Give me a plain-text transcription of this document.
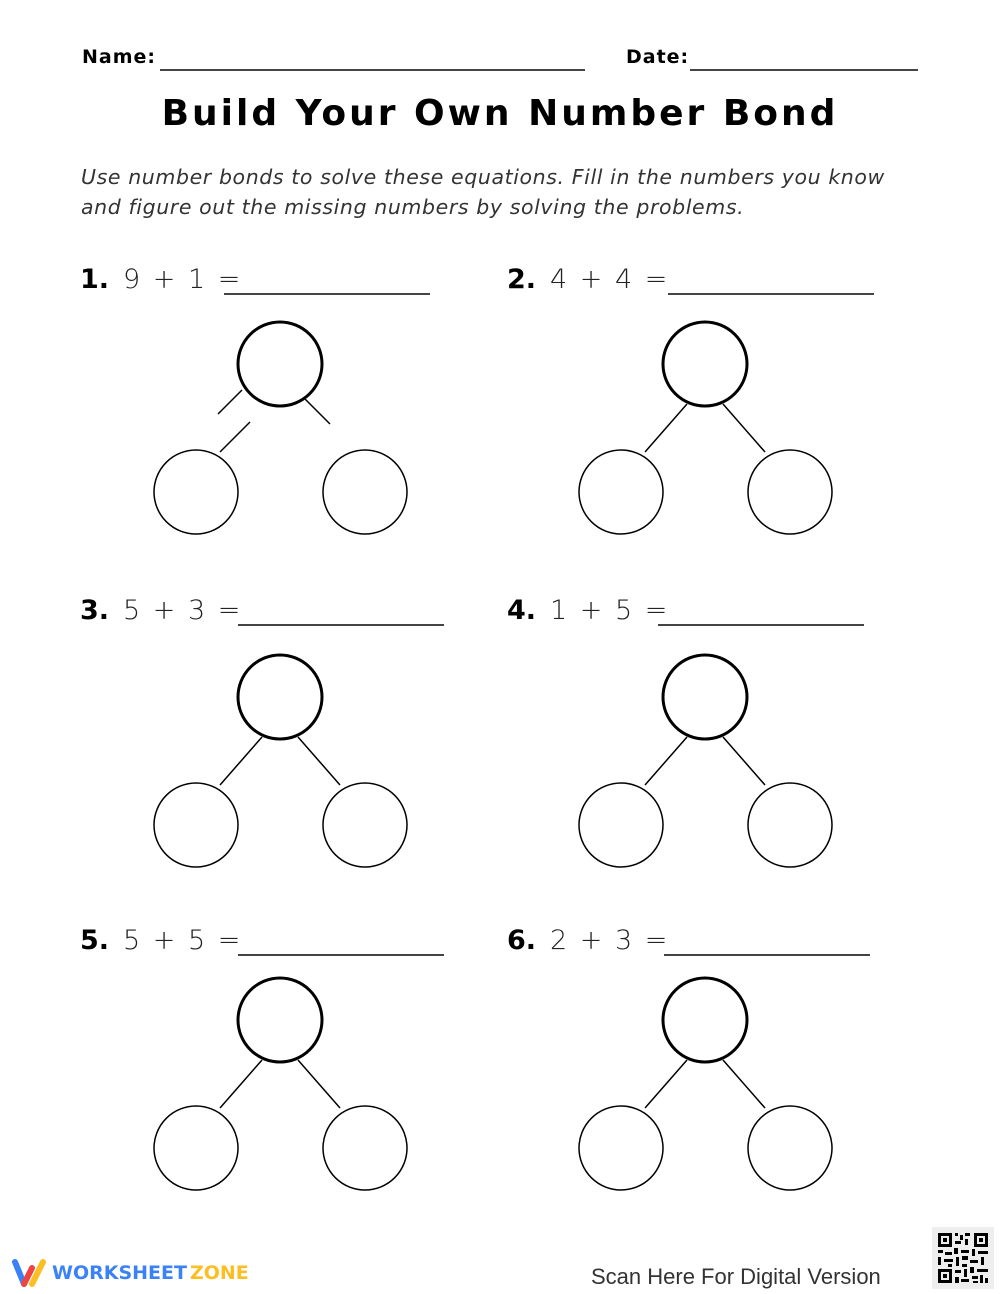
Name:	Date:
Build Your Own Number Bond
Use number bonds to solve these equations. Fill in the numbers you know
and figure out the missing numbers by solving the problems.
1. 9 + 1 =	2. 4 + 4 =
3. 5 + 3 =	4. 1 + 5 =
5. 5 + 5 =	6. 2 + 3 =
WORKSHEET ZONE	Scan Here For Digital Version
